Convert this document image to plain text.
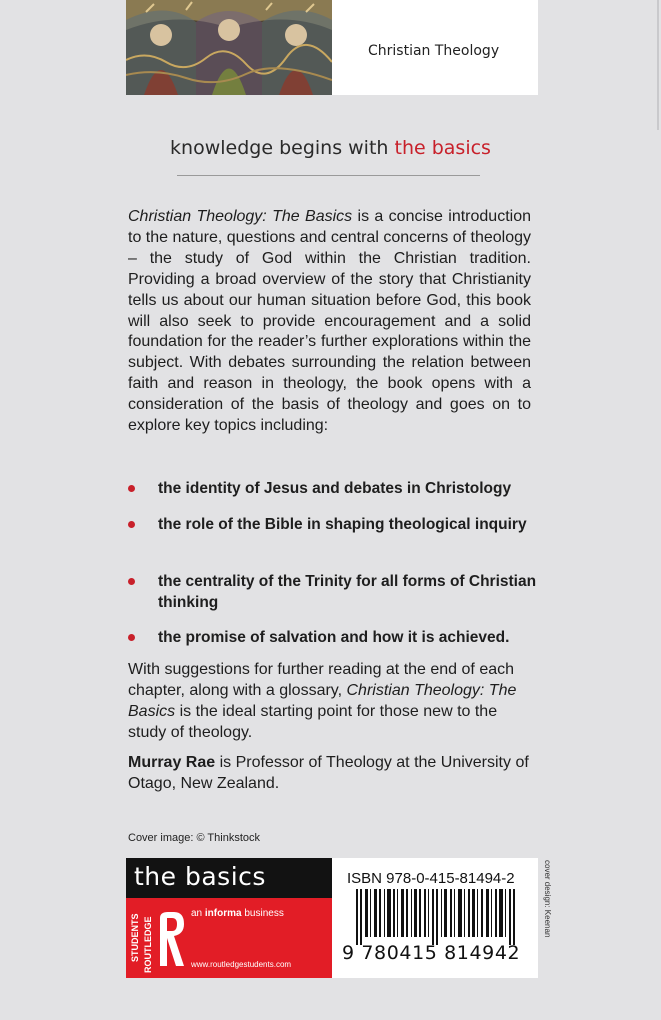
Christian Theology
knowledge begins with the basics
Christian Theology: The Basics is a concise introduction to the nature, questions and central concerns of theology – the study of God within the Christian tradition. Providing a broad overview of the story that Christianity tells us about our human situation before God, this book will also seek to provide encouragement and a solid foundation for the reader’s further explorations within the subject. With debates surrounding the relation between faith and reason in theology, the book opens with a consideration of the basis of theology and goes on to explore key topics including:
the identity of Jesus and debates in Christology
the role of the Bible in shaping theological inquiry
the centrality of the Trinity for all forms of Christian thinking
the promise of salvation and how it is achieved.
With suggestions for further reading at the end of each chapter, along with a glossary, Christian Theology: The Basics is the ideal starting point for those new to the study of theology.
Murray Rae is Professor of Theology at the University of Otago, New Zealand.
Cover image: © Thinkstock
the basics
STUDENTS ROUTLEDGE
an informa business
www.routledgestudents.com
ISBN 978-0-415-81494-2
9 780415 814942
cover design: Keenan
